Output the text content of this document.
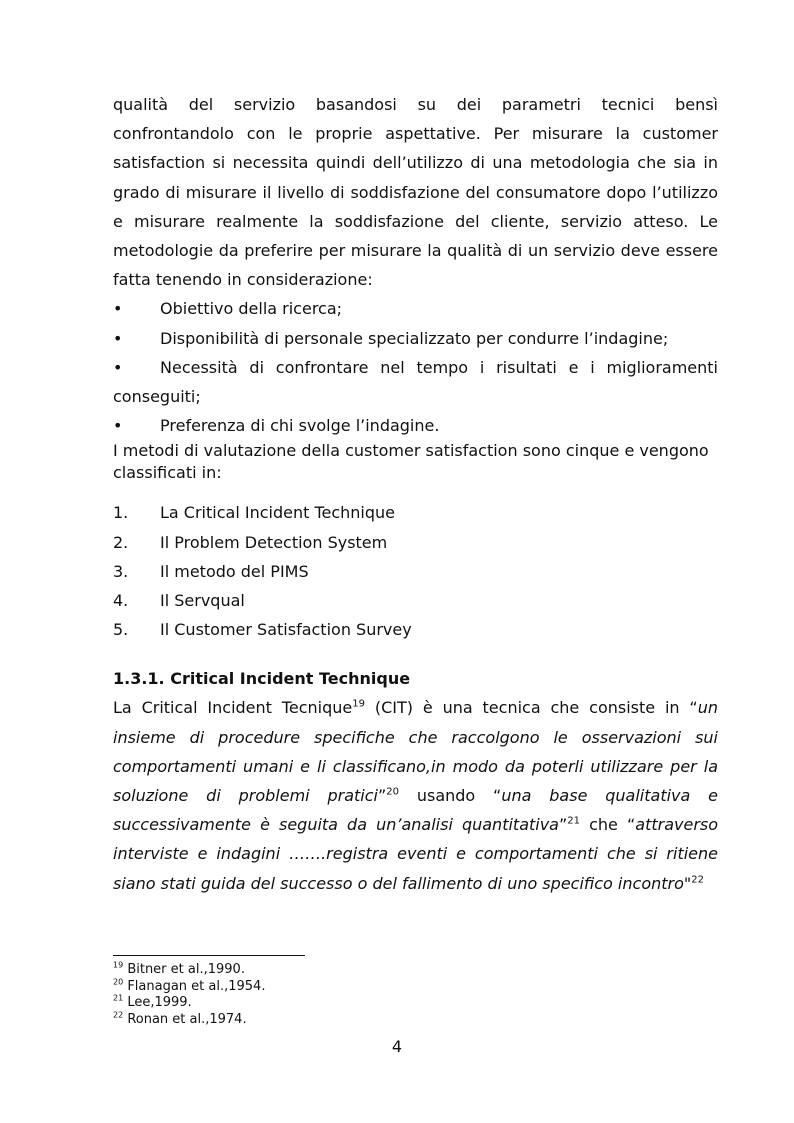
qualità del servizio basandosi su dei parametri tecnici bensì confrontandolo con le proprie aspettative. Per misurare la customer satisfaction si necessita quindi dell’utilizzo di una metodologia che sia in grado di misurare il livello di soddisfazione del consumatore dopo l’utilizzo e misurare realmente la soddisfazione del cliente, servizio atteso. Le metodologie da preferire per misurare la qualità di un servizio deve essere fatta tenendo in considerazione:

•	Obiettivo della ricerca;
•	Disponibilità di personale specializzato per condurre l’indagine;
•	Necessità di confrontare nel tempo i risultati e i miglioramenti
conseguiti;
•	Preferenza di chi svolge l’indagine.

I metodi di valutazione della customer satisfaction sono cinque e vengono classificati in:

1.	La Critical Incident Technique
2.	Il Problem Detection System
3.	Il metodo del PIMS
4.	Il Servqual
5.	Il Customer Satisfaction Survey
1.3.1. Critical Incident Technique

La Critical Incident Tecnique$^{19}$ (CIT) è una tecnica che consiste in “un insieme di procedure specifiche che raccolgono le osservazioni sui comportamenti umani e li classificano,in modo da poterli utilizzare per la soluzione di problemi pratici”$^{20}$ usando “una base qualitativa e successivamente è seguita da un’analisi quantitativa”$^{21}$ che “attraverso interviste e indagini …….registra eventi e comportamenti che si ritiene siano stati guida del successo o del fallimento di uno specifico incontro"$^{22}$

$^{19}$ Bitner et al.,1990.
$^{20}$ Flanagan et al.,1954.
$^{21}$ Lee,1999.
$^{22}$ Ronan et al.,1974.
4
